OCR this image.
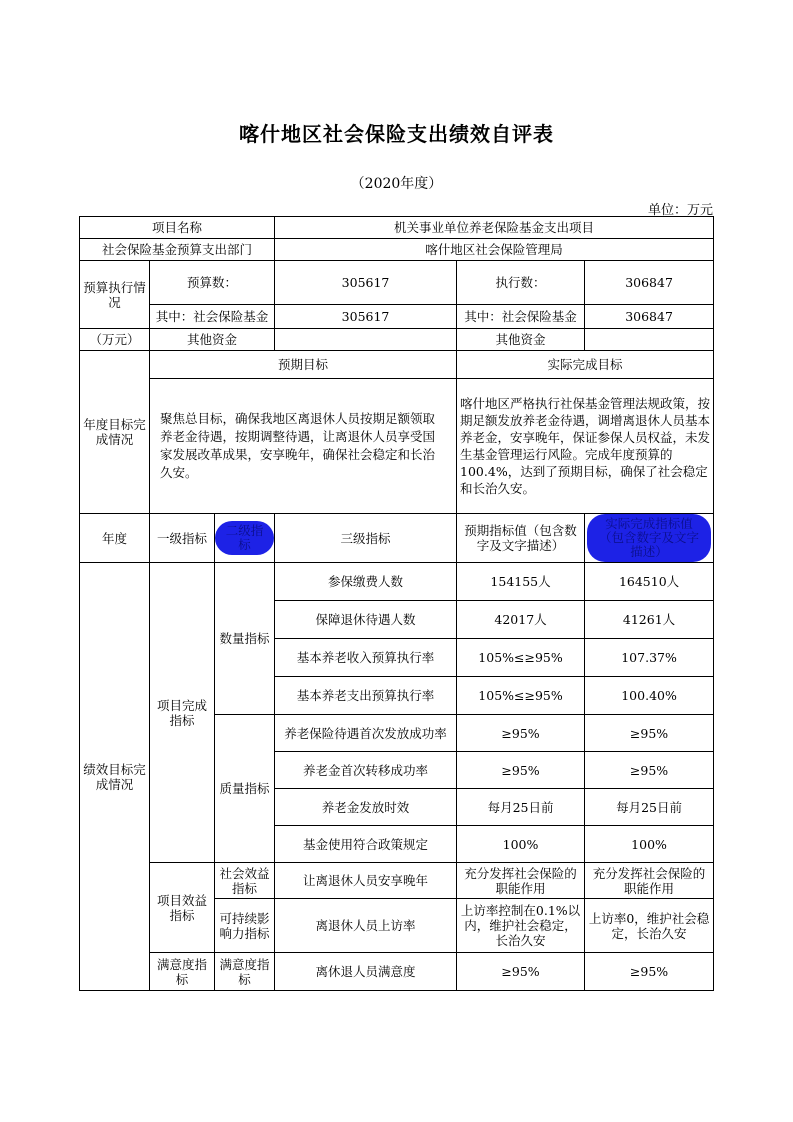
喀什地区社会保险支出绩效自评表
（2020年度）
单位：万元
项目名称			机关事业单位养老保险基金支出项目		
社会保险基金预算支出部门			喀什地区社会保险管理局		
预算执行情况	预算数：		305617	执行数：	306847
	其中：社会保险基金		305617	其中：社会保险基金	306847
（万元）	其他资金			其他资金	
年度目标完成情况	预期目标			实际完成目标	
	聚焦总目标，确保我地区离退休人员按期足额领取养老金待遇，按期调整待遇，让离退休人员享受国家发展改革成果，安享晚年，确保社会稳定和长治久安。			喀什地区严格执行社保基金管理法规政策，按期足额发放养老金待遇，调增离退休人员基本养老金，安享晚年，保证参保人员权益，未发生基金管理运行风险。完成年度预算的100.4%，达到了预期目标，确保了社会稳定和长治久安。	
年度	一级指标	二级指标	三级指标	预期指标值（包含数字及文字描述）	实际完成指标值（包含数字及文字描述）
绩效目标完成情况	项目完成指标	数量指标	参保缴费人数	154155人	164510人
			保障退休待遇人数	42017人	41261人
			基本养老收入预算执行率	105%≤≥95%	107.37%
			基本养老支出预算执行率	105%≤≥95%	100.40%
		质量指标	养老保险待遇首次发放成功率	≥95%	≥95%
			养老金首次转移成功率	≥95%	≥95%
			养老金发放时效	每月25日前	每月25日前
			基金使用符合政策规定	100%	100%
	项目效益指标	社会效益指标	让离退休人员安享晚年	充分发挥社会保险的职能作用	充分发挥社会保险的职能作用
		可持续影响力指标	离退休人员上访率	上访率控制在0.1%以内，维护社会稳定，长治久安	上访率0，维护社会稳定，长治久安
	满意度指标	满意度指标	离休退人员满意度	≥95%	≥95%
